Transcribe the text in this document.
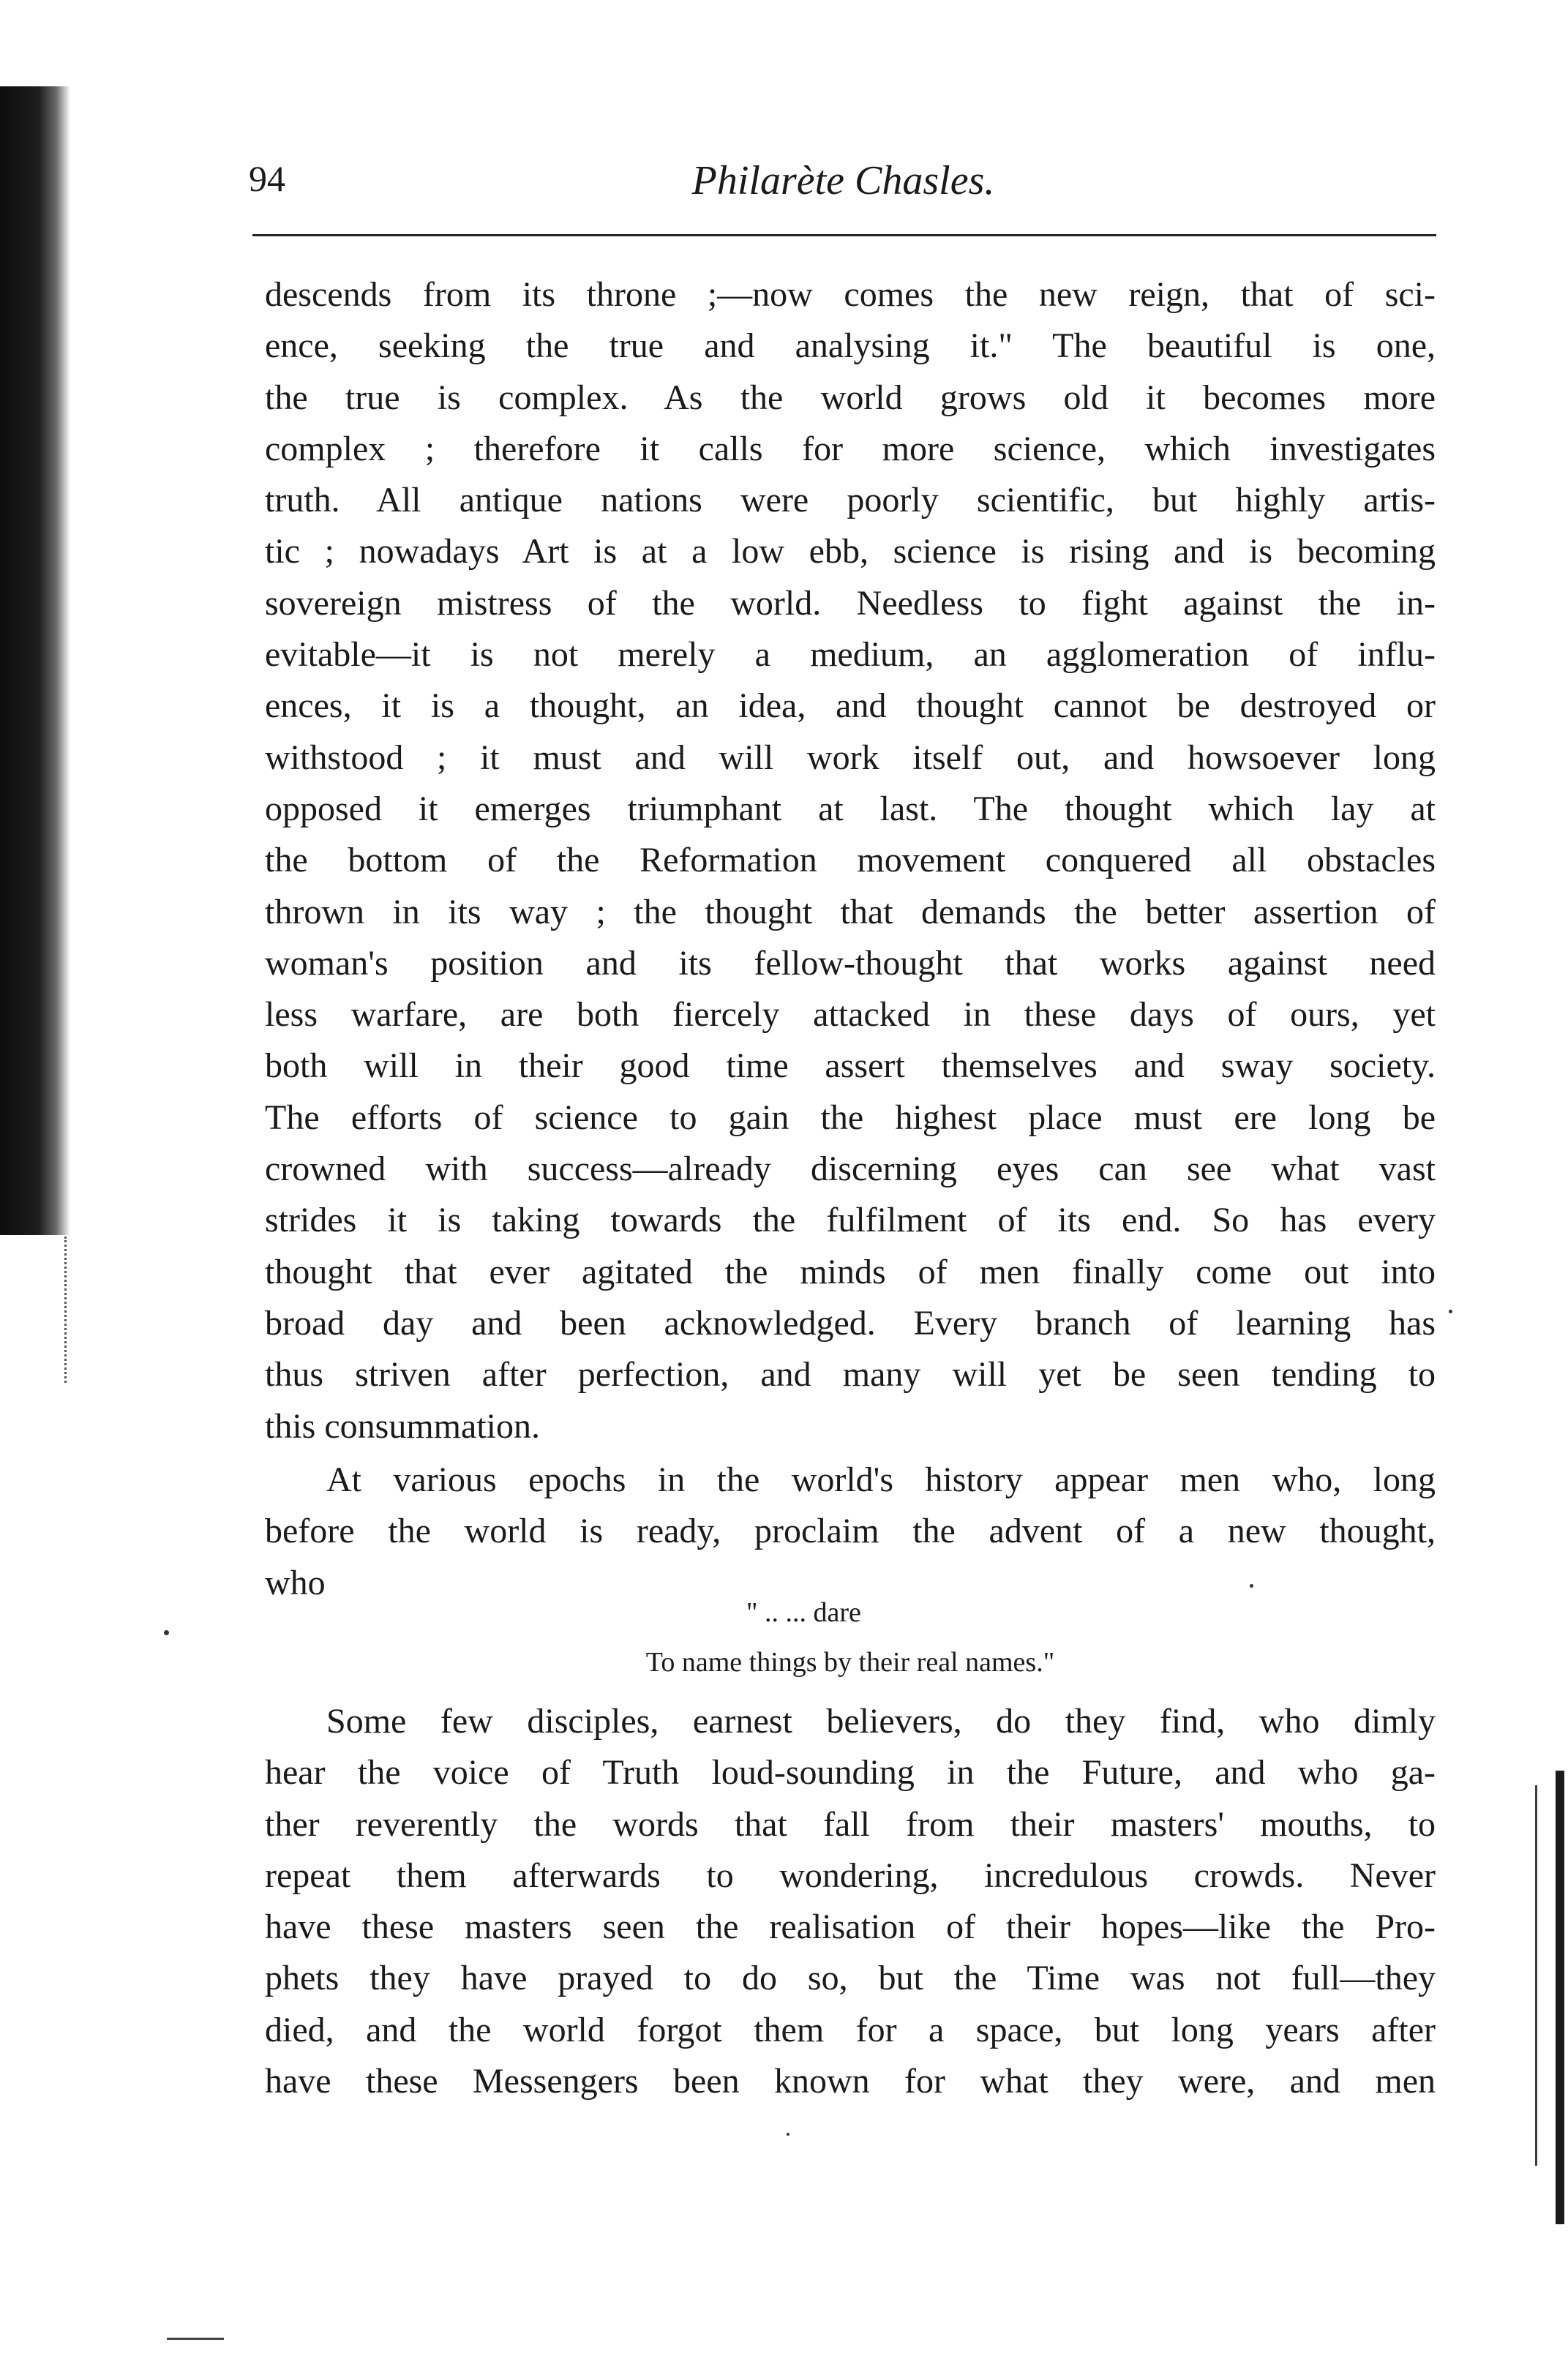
94	Philarète Chasles.
descends from its throne ;—now comes the new reign, that of sci-
ence, seeking the true and analysing it." The beautiful is one,
the true is complex. As the world grows old it becomes more
complex ; therefore it calls for more science, which investigates
truth. All antique nations were poorly scientific, but highly artis-
tic ; nowadays Art is at a low ebb, science is rising and is becoming
sovereign mistress of the world. Needless to fight against the in-
evitable—it is not merely a medium, an agglomeration of influ-
ences, it is a thought, an idea, and thought cannot be destroyed or
withstood ; it must and will work itself out, and howsoever long
opposed it emerges triumphant at last. The thought which lay at
the bottom of the Reformation movement conquered all obstacles
thrown in its way ; the thought that demands the better assertion of
woman's position and its fellow-thought that works against need
less warfare, are both fiercely attacked in these days of ours, yet
both will in their good time assert themselves and sway society.
The efforts of science to gain the highest place must ere long be
crowned with success—already discerning eyes can see what vast
strides it is taking towards the fulfilment of its end. So has every
thought that ever agitated the minds of men finally come out into
broad day and been acknowledged. Every branch of learning has
thus striven after perfection, and many will yet be seen tending to
this consummation.
At various epochs in the world's history appear men who, long
before the world is ready, proclaim the advent of a new thought,
who
" .. ... dare
To name things by their real names."
Some few disciples, earnest believers, do they find, who dimly
hear the voice of Truth loud-sounding in the Future, and who ga-
ther reverently the words that fall from their masters' mouths, to
repeat them afterwards to wondering, incredulous crowds. Never
have these masters seen the realisation of their hopes—like the Pro-
phets they have prayed to do so, but the Time was not full—they
died, and the world forgot them for a space, but long years after
have these Messengers been known for what they were, and men
